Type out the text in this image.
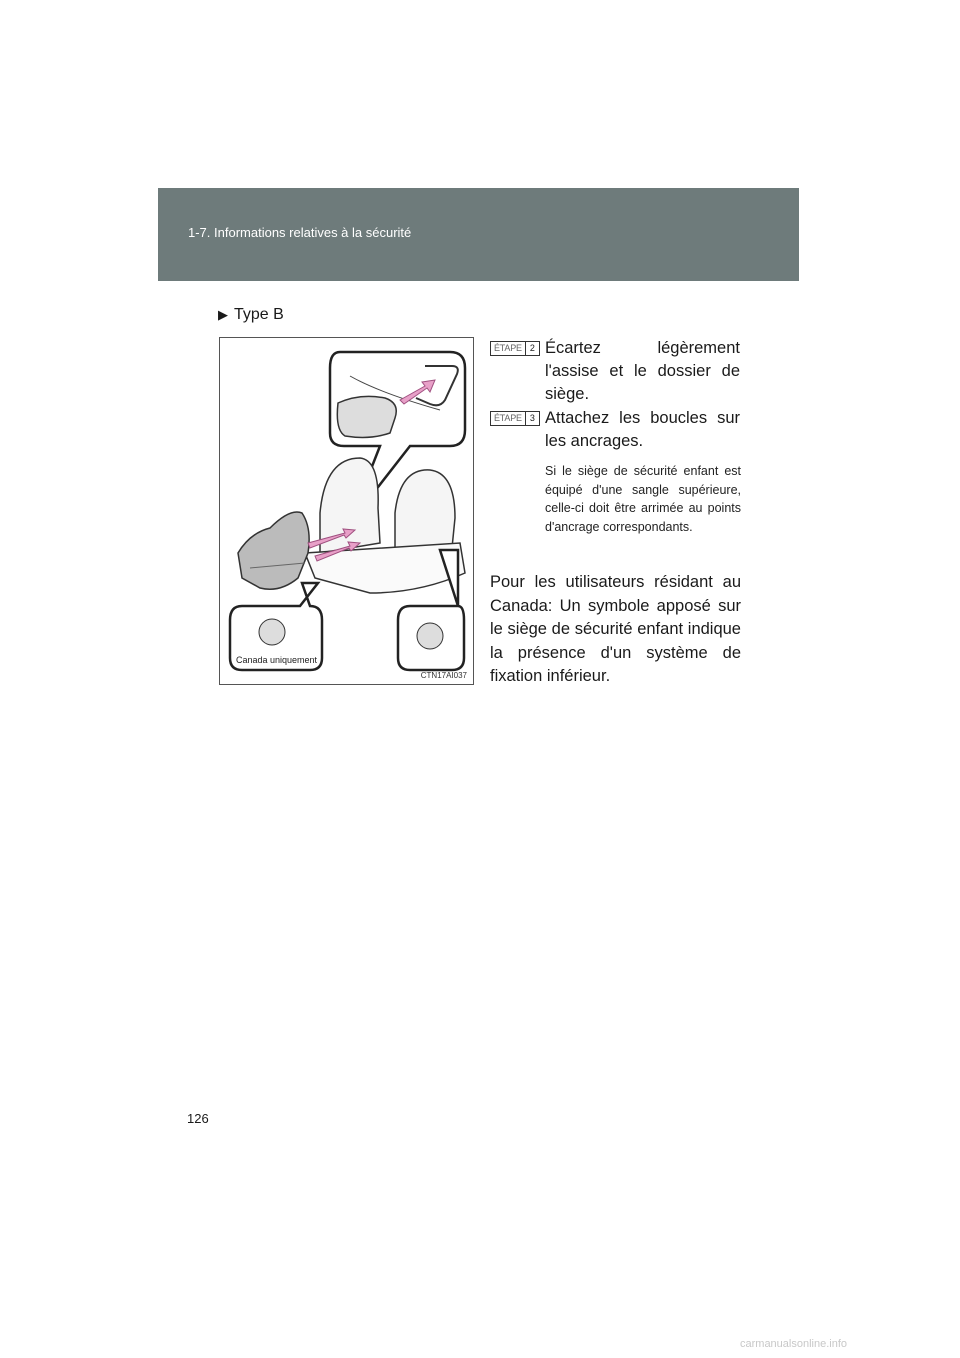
1-7. Informations relatives à la sécurité
▶ Type B
Canada uniquement
CTN17AI037
ÉTAPE 2 Écartez légèrement l'assise et le dossier de siège.
ÉTAPE 3 Attachez les boucles sur les ancrages.
Si le siège de sécurité enfant est équipé d'une sangle supérieure, celle-ci doit être arrimée au points d'ancrage correspondants.
Pour les utilisateurs résidant au Canada: Un symbole apposé sur le siège de sécurité enfant indique la présence d'un système de fixation inférieur.
126
carmanualsonline.info
